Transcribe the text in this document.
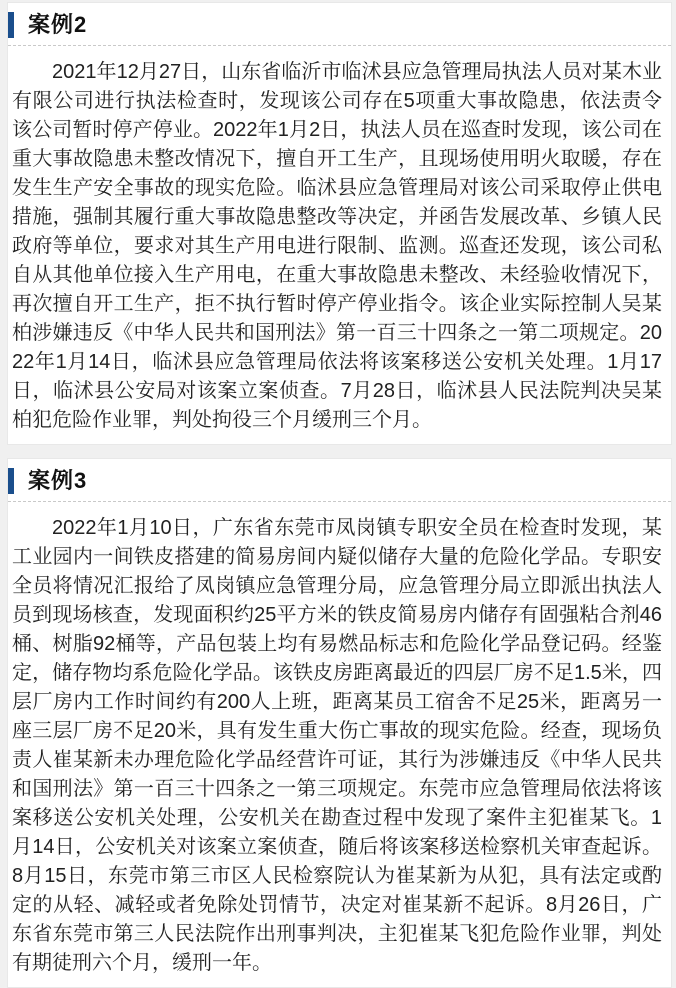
案例2

2021年12月27日，山东省临沂市临沭县应急管理局执法人员对某木业有限公司进行执法检查时，发现该公司存在5项重大事故隐患，依法责令该公司暂时停产停业。2022年1月2日，执法人员在巡查时发现，该公司在重大事故隐患未整改情况下，擅自开工生产，且现场使用明火取暖，存在发生生产安全事故的现实危险。临沭县应急管理局对该公司采取停止供电措施，强制其履行重大事故隐患整改等决定，并函告发展改革、乡镇人民政府等单位，要求对其生产用电进行限制、监测。巡查还发现，该公司私自从其他单位接入生产用电，在重大事故隐患未整改、未经验收情况下，再次擅自开工生产，拒不执行暂时停产停业指令。该企业实际控制人吴某柏涉嫌违反《中华人民共和国刑法》第一百三十四条之一第二项规定。2022年1月14日，临沭县应急管理局依法将该案移送公安机关处理。1月17日，临沭县公安局对该案立案侦查。7月28日，临沭县人民法院判决吴某柏犯危险作业罪，判处拘役三个月缓刑三个月。

案例3

2022年1月10日，广东省东莞市凤岗镇专职安全员在检查时发现，某工业园内一间铁皮搭建的简易房间内疑似储存大量的危险化学品。专职安全员将情况汇报给了凤岗镇应急管理分局，应急管理分局立即派出执法人员到现场核查，发现面积约25平方米的铁皮简易房内储存有固强粘合剂46桶、树脂92桶等，产品包装上均有易燃品标志和危险化学品登记码。经鉴定，储存物均系危险化学品。该铁皮房距离最近的四层厂房不足1.5米，四层厂房内工作时间约有200人上班，距离某员工宿舍不足25米，距离另一座三层厂房不足20米，具有发生重大伤亡事故的现实危险。经查，现场负责人崔某新未办理危险化学品经营许可证，其行为涉嫌违反《中华人民共和国刑法》第一百三十四条之一第三项规定。东莞市应急管理局依法将该案移送公安机关处理，公安机关在勘查过程中发现了案件主犯崔某飞。1月14日，公安机关对该案立案侦查，随后将该案移送检察机关审查起诉。8月15日，东莞市第三市区人民检察院认为崔某新为从犯，具有法定或酌定的从轻、减轻或者免除处罚情节，决定对崔某新不起诉。8月26日，广东省东莞市第三人民法院作出刑事判决，主犯崔某飞犯危险作业罪，判处有期徒刑六个月，缓刑一年。
